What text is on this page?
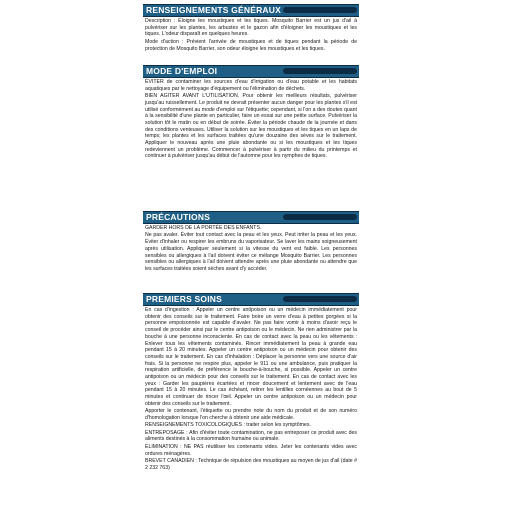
RENSEIGNEMENTS GÉNÉRAUX

Description : Éloigne les moustiques et les tiques. Mosquito Barrier est un jus d'ail à pulvériser sur les plantes, les arbustes et le gazon afin d'éloigner les moustiques et les tiques. L'odeur disparaît en quelques heures.

Mode d'action : Prévient l'arrivée de moustiques et de tiques pendant la période de protection de Mosquito Barrier, son odeur éloigne les moustiques et les tiques.

MODE D'EMPLOI

ÉVITER de contaminer les sources d'eau d'irrigation ou d'eau potable et les habitats aquatiques par le nettoyage d'équipement ou l'élimination de déchets.

BIEN AGITER AVANT L'UTILISATION. Pour obtenir les meilleurs résultats, pulvériser jusqu'au ruissellement. Le produit ne devrait présenter aucun danger pour les plantes s'il est utilisé conformément au mode d'emploi sur l'étiquette; cependant, si l'on a des doutes quant à la sensibilité d'une plante en particulier, faire un essai sur une petite surface. Pulvériser la solution tôt le matin ou en début de soirée. Éviter la période chaude de la journée et dans des conditions venteuses. Utiliser la solution sur les moustiques et les tiques en un laps de temps; les plantes et les surfaces traitées qu'une douzaine des sèves sur le traitement. Appliquer le nouveau après une pluie abondante ou si les moustiques et les tiques redeviennent un problème. Commencer à pulvériser à partir du milieu du printemps et continuer à pulvériser jusqu'au début de l'automne pour les nymphes de tiques.

PRÉCAUTIONS

GARDER HORS DE LA PORTÉE DES ENFANTS.

Ne pas avaler. Éviter tout contact avec la peau et les yeux. Peut irriter la peau et les yeux. Éviter d'inhaler ou respirer les embruns du vaporisateur. Se laver les mains soigneusement après utilisation. Appliquer seulement si la vitesse du vent est faible. Les personnes sensibles ou allergiques à l'ail doivent éviter ce mélange Mosquito Barrier. Les personnes sensibles ou allergiques à l'ail doivent attendre après une pluie abondante ou attendre que les surfaces traitées soient sèches avant d'y accéder.

PREMIERS SOINS

En cas d'ingestion : Appeler un centre antipoison ou un médecin immédiatement pour obtenir des conseils sur le traitement. Faire boire un verre d'eau à petites gorgées si la personne empoisonnée est capable d'avaler. Ne pas faire vomir à moins d'avoir reçu le conseil de procéder ainsi par le centre antipoison ou le médecin. Ne rien administrer par la bouche à une personne inconsciente. En cas de contact avec la peau ou les vêtements : Enlever tous les vêtements contaminés. Rincer immédiatement la peau à grande eau pendant 15 à 20 minutes. Appeler un centre antipoison ou un médecin pour obtenir des conseils sur le traitement. En cas d'inhalation : Déplacer la personne vers une source d'air frais. Si la personne ne respire plus, appeler le 911 ou une ambulance, puis pratiquer la respiration artificielle, de préférence le bouche-à-bouche, si possible. Appeler un centre antipoison ou un médecin pour des conseils sur le traitement. En cas de contact avec les yeux : Garder les paupières écartées et rincer doucement et lentement avec de l'eau pendant 15 à 20 minutes. Le cas échéant, retirer les lentilles cornéennes au bout de 5 minutes et continuer de rincer l'œil. Appeler un centre antipoison ou un médecin pour obtenir des conseils sur le traitement.

Apporter le contenant, l'étiquette ou prendre note du nom du produit et de son numéro d'homologation lorsque l'on cherche à obtenir une aide médicale.

RENSEIGNEMENTS TOXICOLOGIQUES : traiter selon les symptômes.

ENTREPOSAGE : Afin d'éviter toute contamination, ne pas entreposer ce produit avec des aliments destinés à la consommation humaine ou animale.

ÉLIMINATION : NE PAS réutiliser les contenants vides. Jeter les contenants vides avec ordures ménagères.

BREVET CANADIEN : Technique de répulsion des moustiques au moyen de jus d'ail (date # 2 232 763)
